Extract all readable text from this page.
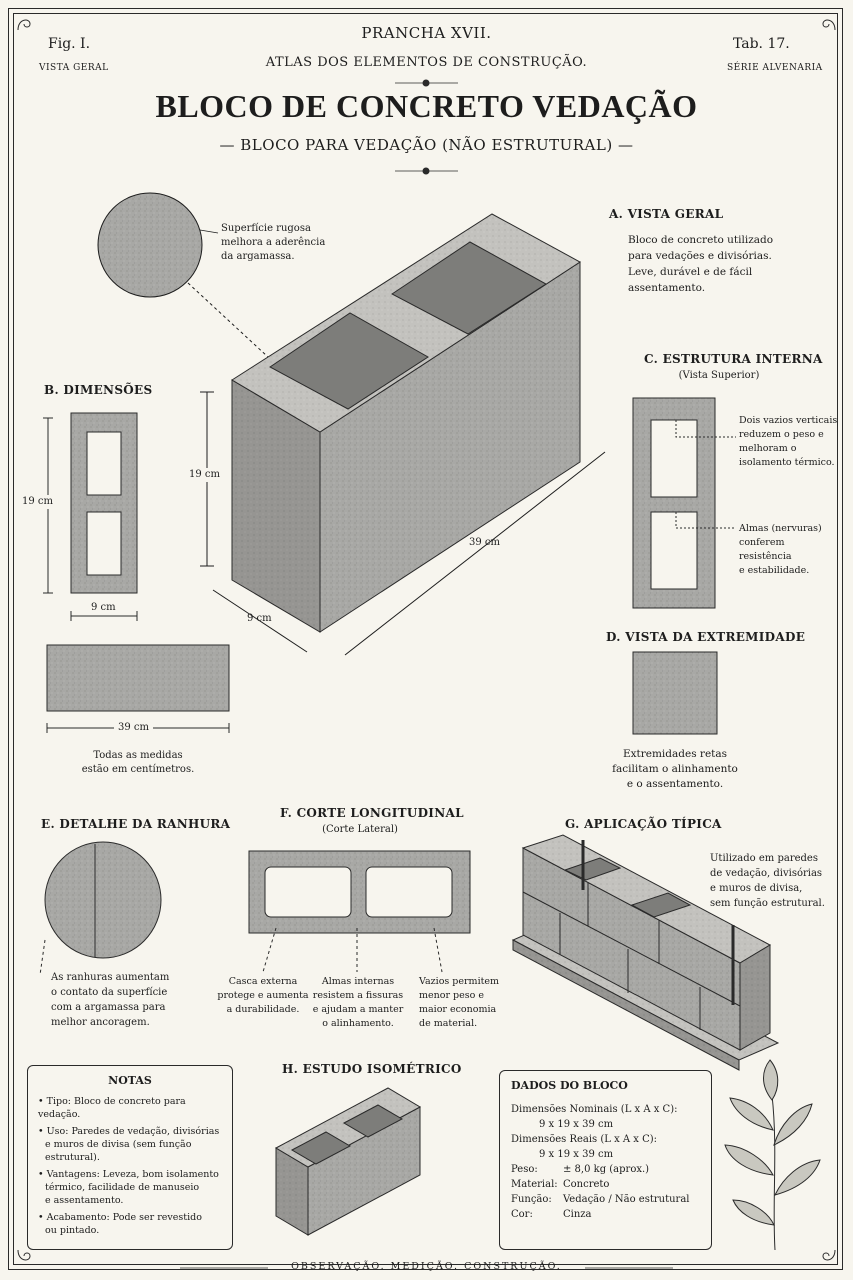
PRANCHA XVII.
ATLAS DOS ELEMENTOS DE CONSTRUÇÃO.
Fig. I.
VISTA GERAL
Tab. 17.
SÉRIE ALVENARIA
BLOCO DE CONCRETO VEDAÇÃO
— BLOCO PARA VEDAÇÃO (NÃO ESTRUTURAL) —
Superfície rugosa
melhora a aderência
da argamassa.
19 cm
39 cm
9 cm
A. VISTA GERAL
Bloco de concreto utilizado
para vedações e divisórias.
Leve, durável e de fácil
assentamento.
B. DIMENSÕES
19 cm
9 cm
39 cm
Todas as medidas
estão em centímetros.
C. ESTRUTURA INTERNA
(Vista Superior)
Dois vazios verticais
reduzem o peso e
melhoram o
isolamento térmico.
Almas (nervuras)
conferem resistência
e estabilidade.
D. VISTA DA EXTREMIDADE
Extremidades retas
facilitam o alinhamento
e o assentamento.
E. DETALHE DA RANHURA
As ranhuras aumentam
o contato da superfície
com a argamassa para
melhor ancoragem.
F. CORTE LONGITUDINAL
(Corte Lateral)
Casca externa
protege e aumenta
a durabilidade.
Almas internas
resistem a fissuras
e ajudam a manter
o alinhamento.
Vazios permitem
menor peso e
maior economia
de material.
G. APLICAÇÃO TÍPICA
Utilizado em paredes
de vedação, divisórias
e muros de divisa,
sem função estrutural.
H. ESTUDO ISOMÉTRICO
NOTAS
• Tipo: Bloco de concreto para vedação.
• Uso: Paredes de vedação, divisórias
e muros de divisa (sem função
estrutural).
• Vantagens: Leveza, bom isolamento
térmico, facilidade de manuseio
e assentamento.
• Acabamento: Pode ser revestido
ou pintado.
DADOS DO BLOCO
Dimensões Nominais (L x A x C):
9 x 19 x 39 cm
Dimensões Reais (L x A x C):
9 x 19 x 39 cm
Peso:	± 8,0 kg (aprox.)
Material: Concreto
Função:	Vedação / Não estrutural
Cor:	Cinza
OBSERVAÇÃO. MEDIÇÃO. CONSTRUÇÃO.
